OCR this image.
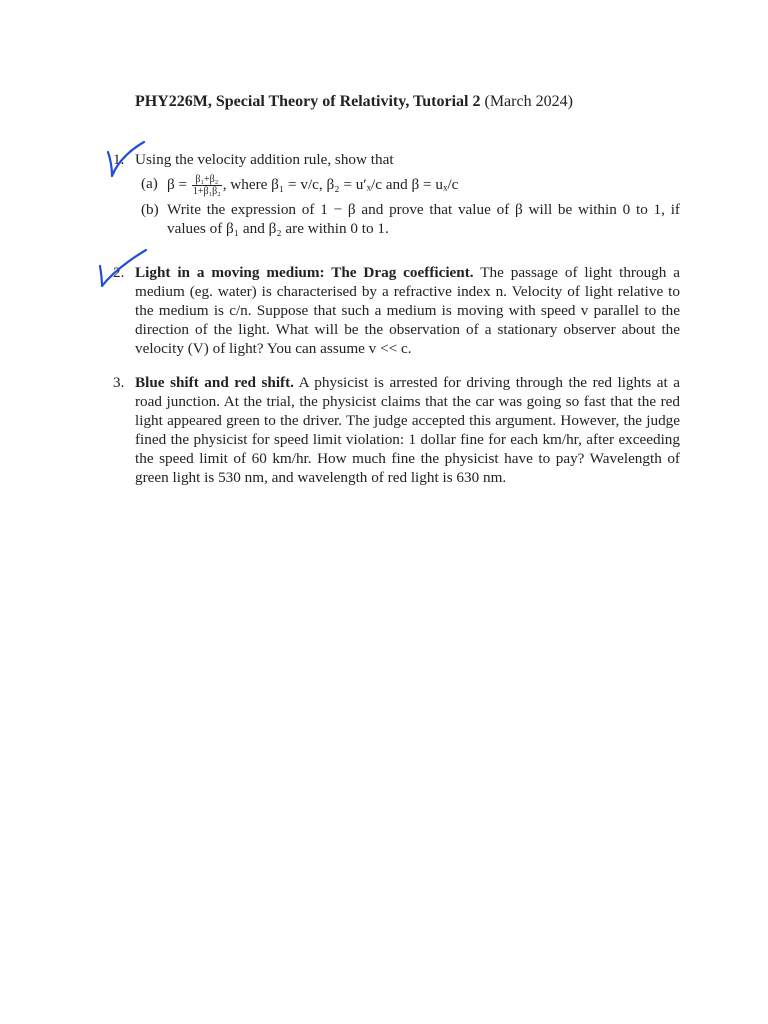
PHY226M, Special Theory of Relativity, Tutorial 2 (March 2024)
1. Using the velocity addition rule, show that
(a) $\beta = \frac{\text{β₁+β₂}}{\text{1+β₁β₂}}$ , where β₁ = v/c, β₂ = u′ₓ/c and β = uₓ/c
(b) Write the expression of 1 − β and prove that value of β will be within 0 to 1, if values of β₁ and β₂ are within 0 to 1.
2. Light in a moving medium: The Drag coefficient. The passage of light through a medium (eg. water) is characterised by a refractive index n. Velocity of light relative to the medium is c/n. Suppose that such a medium is moving with speed v parallel to the direction of the light. What will be the observation of a stationary observer about the velocity (V) of light? You can assume v << c.
3. Blue shift and red shift. A physicist is arrested for driving through the red lights at a road junction. At the trial, the physicist claims that the car was going so fast that the red light appeared green to the driver. The judge accepted this argument. However, the judge fined the physicist for speed limit violation: 1 dollar fine for each km/hr, after exceeding the speed limit of 60 km/hr. How much fine the physicist have to pay? Wavelength of green light is 530 nm, and wavelength of red light is 630 nm.
